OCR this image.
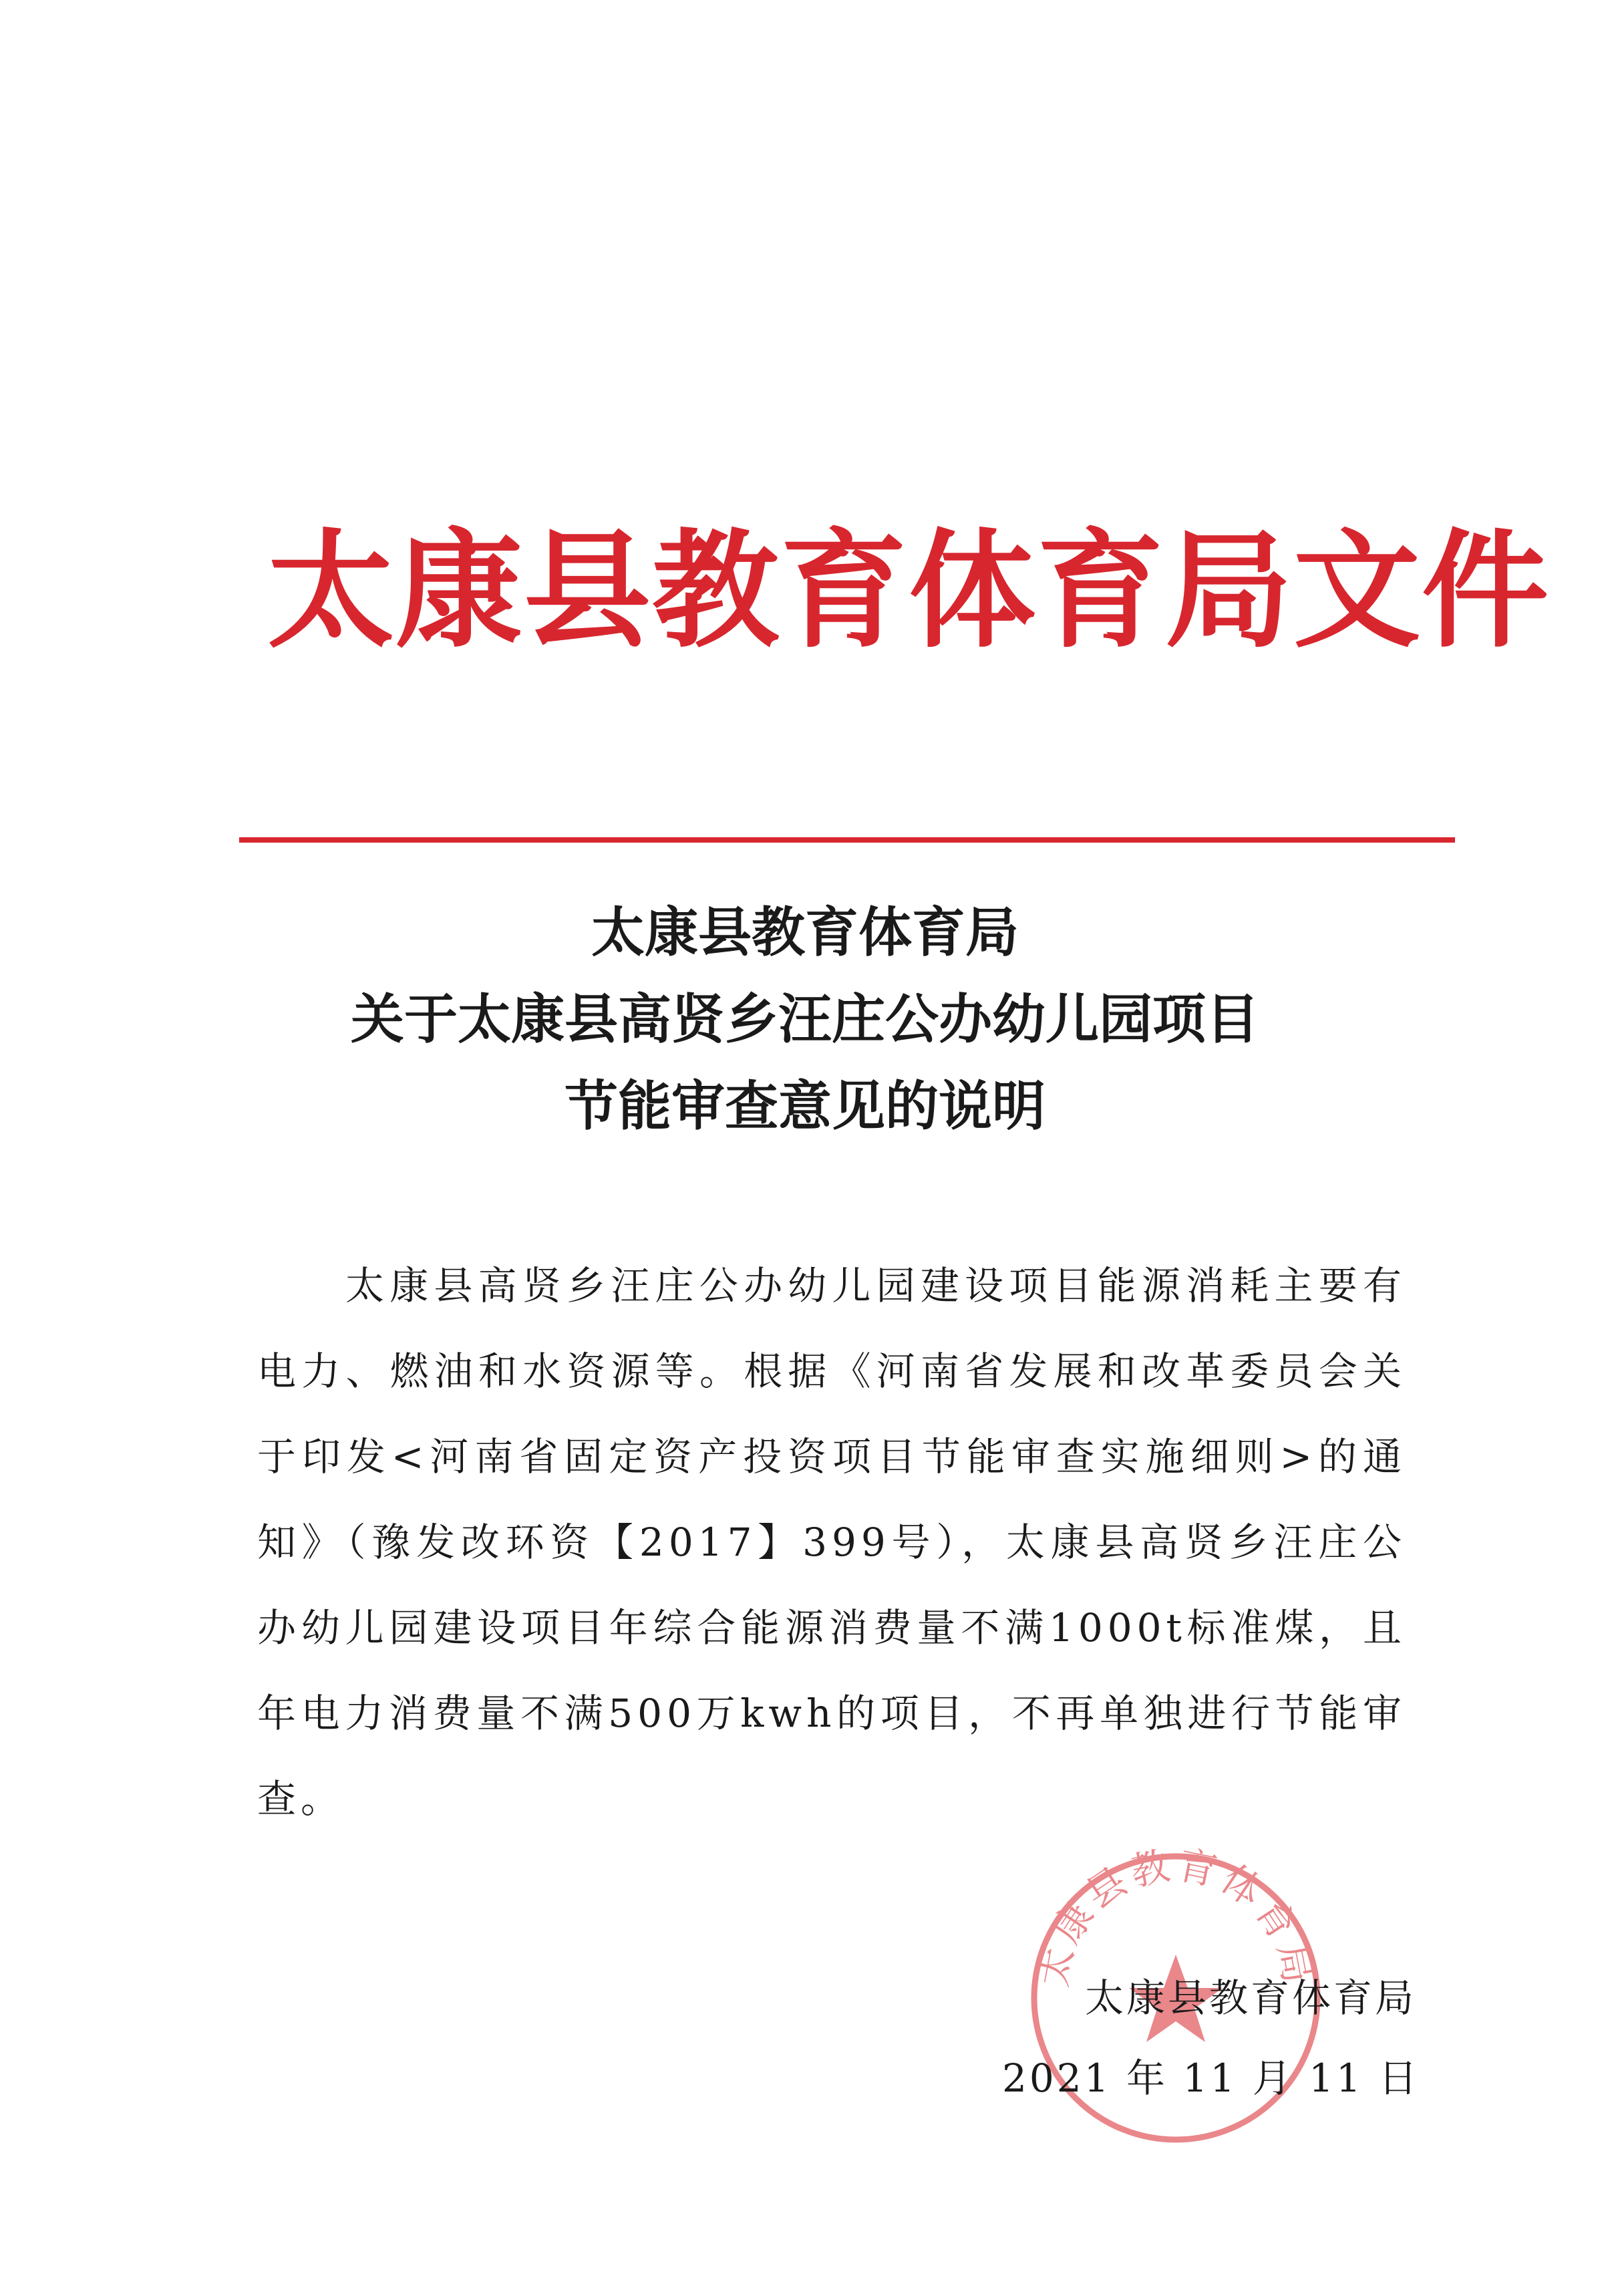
太康县教育体育局文件
太康县教育体育局
关于太康县高贤乡汪庄公办幼儿园项目
节能审查意见的说明

太康县高贤乡汪庄公办幼儿园建设项目能源消耗主要有电力、燃油和水资源等。根据《河南省发展和改革委员会关于印发<河南省固定资产投资项目节能审查实施细则>的通知》（豫发改环资【2017】399号），太康县高贤乡汪庄公办幼儿园建设项目年综合能源消费量不满1000t标准煤，且年电力消费量不满500万kwh的项目，不再单独进行节能审查。

太康县教育体育局
太康县教育体育局
2021 年 11 月 11 日
